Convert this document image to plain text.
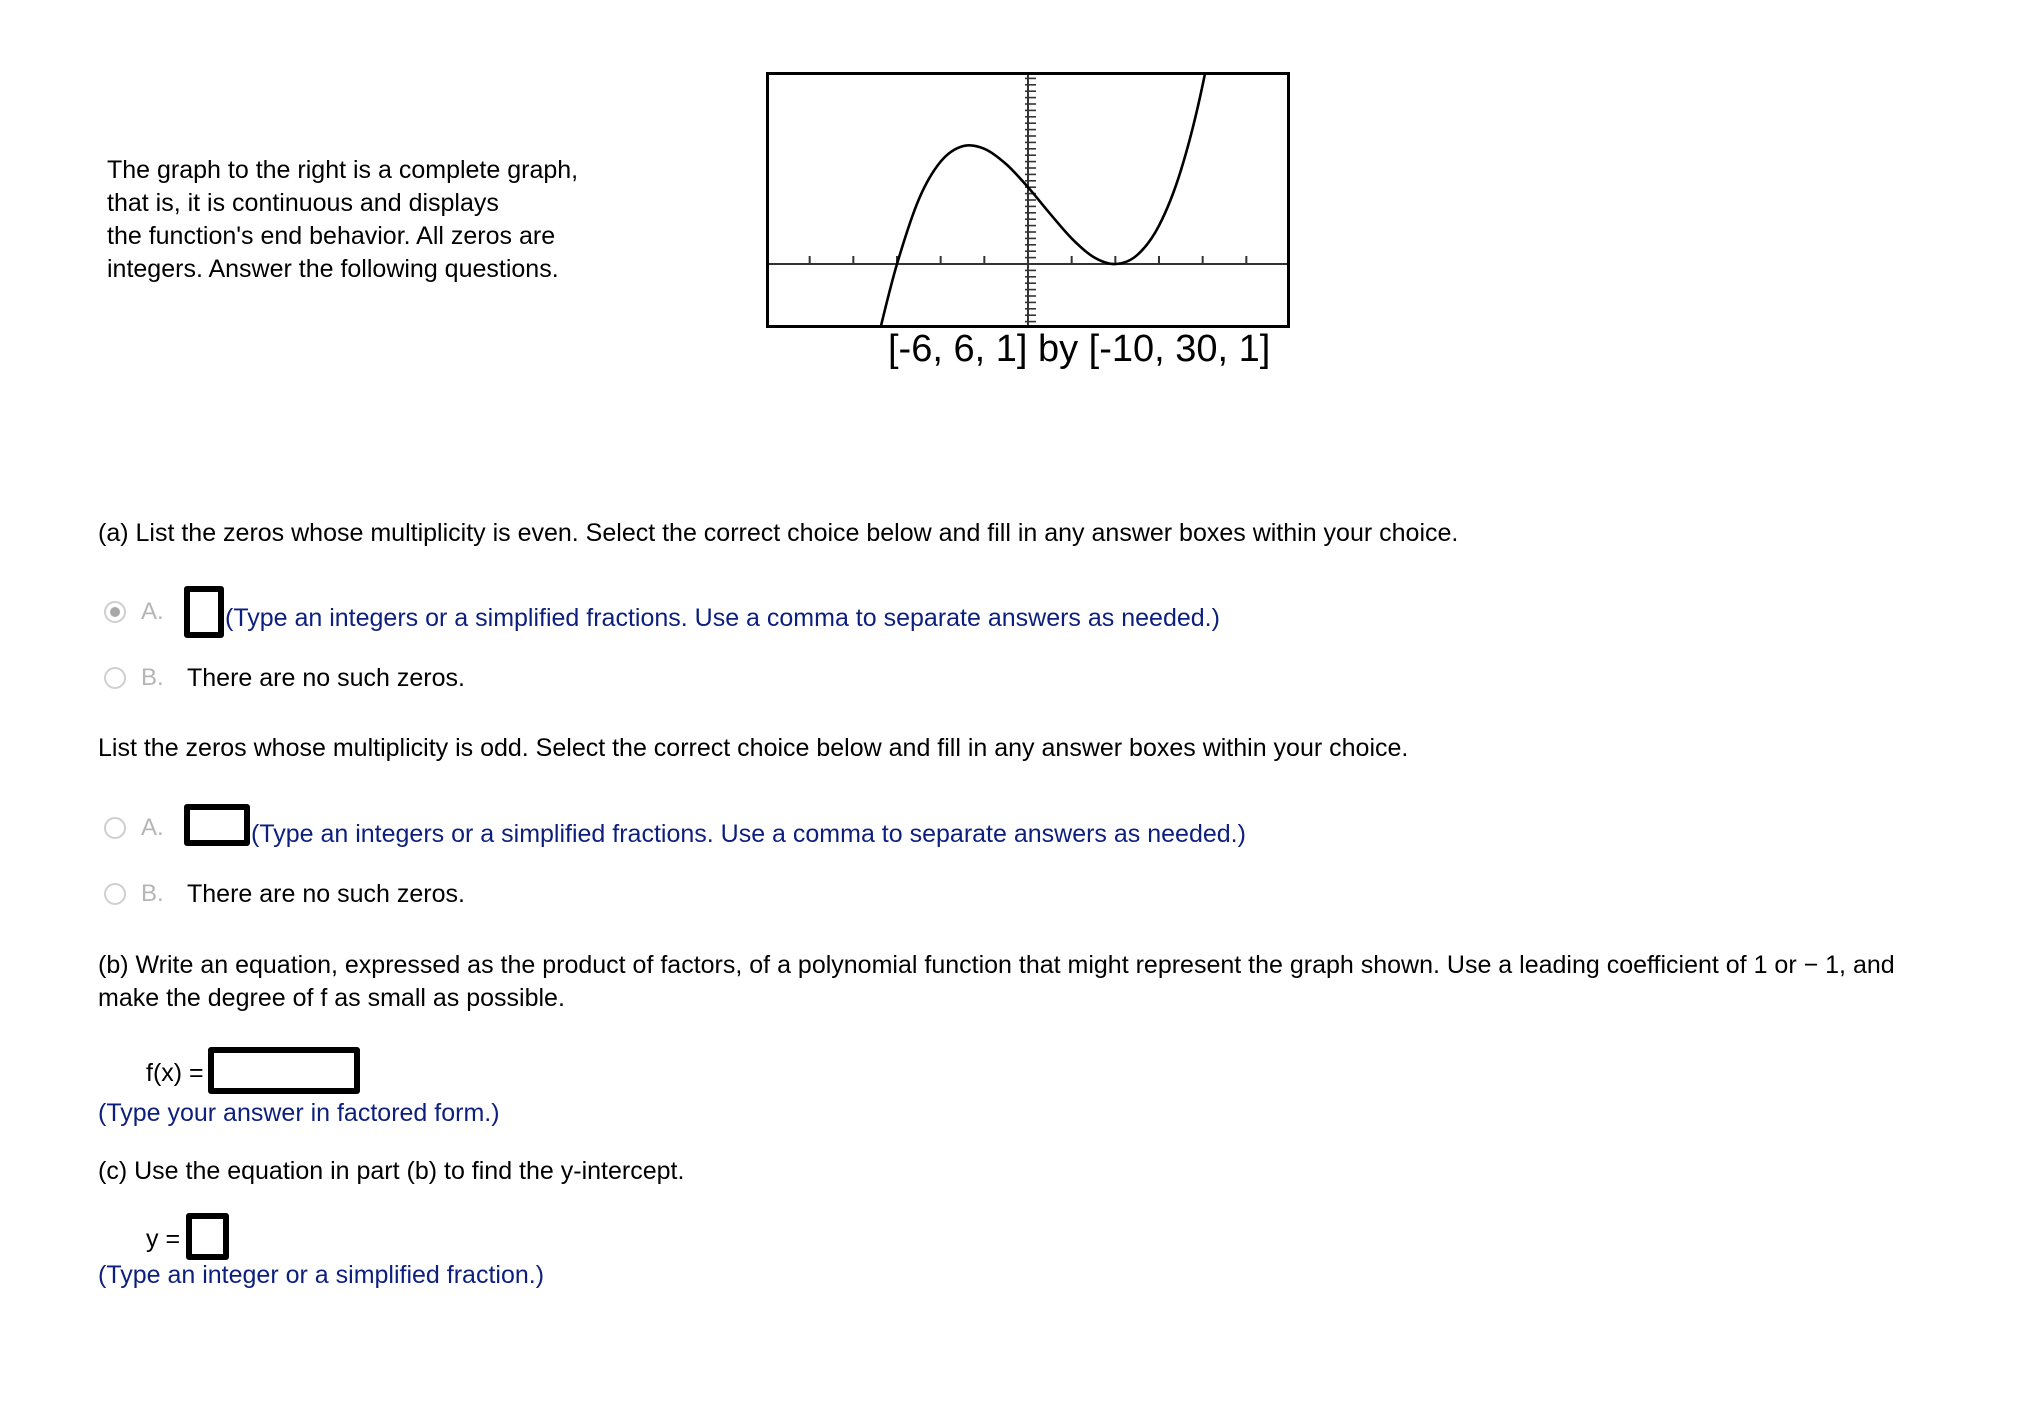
The graph to the right is a complete graph,
that is, it is continuous and displays
the function's end behavior. All zeros are
integers. Answer the following questions.
[-6, 6, 1] by [-10, 30, 1]
(a) List the zeros whose multiplicity is even. Select the correct choice below and fill in any answer boxes within your choice.
A. (Type an integers or a simplified fractions. Use a comma to separate answers as needed.)
B. There are no such zeros.
List the zeros whose multiplicity is odd. Select the correct choice below and fill in any answer boxes within your choice.
A.	(Type an integers or a simplified fractions. Use a comma to separate answers as needed.)
B. There are no such zeros.
(b) Write an equation, expressed as the product of factors, of a polynomial function that might represent the graph shown. Use a leading coefficient of 1 or − 1, and
make the degree of f as small as possible.
f(x) =
(Type your answer in factored form.)
(c) Use the equation in part (b) to find the y-intercept.
y =
(Type an integer or a simplified fraction.)
